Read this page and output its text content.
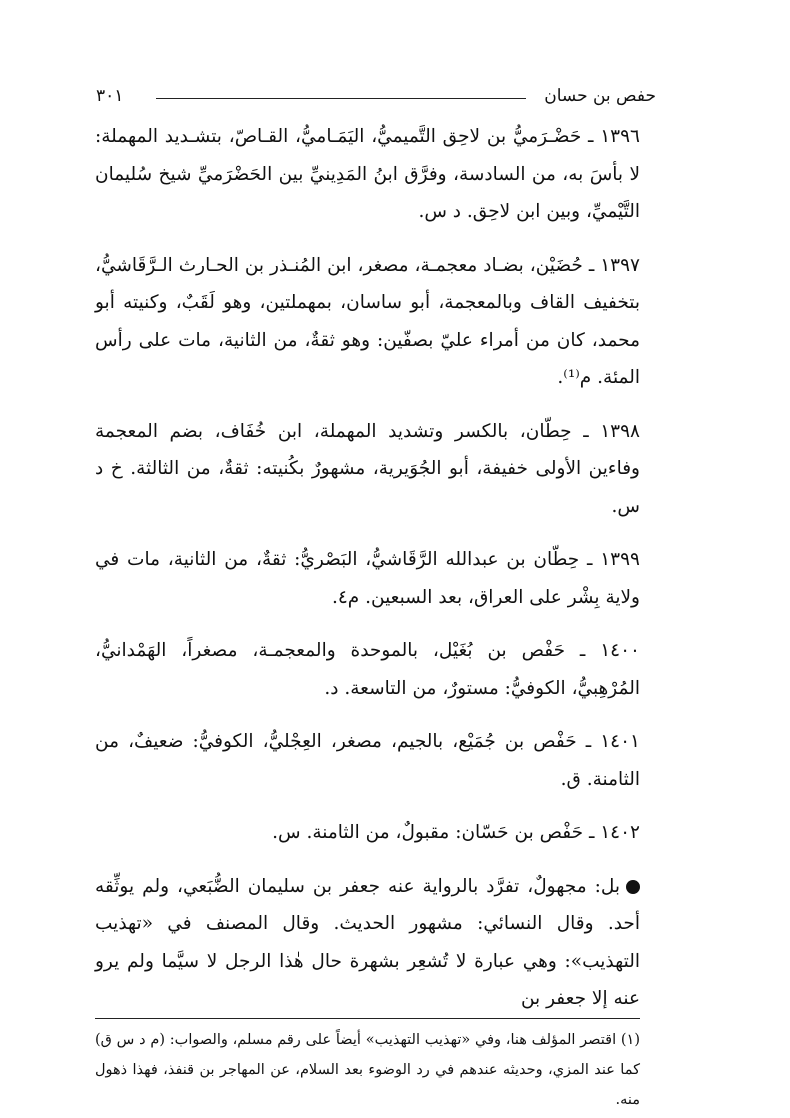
حفص بن حسان
٣٠١

١٣٩٦ ـ حَضْـرَميُّ بن لاحِق التَّميميُّ، اليَمَـاميُّ، القـاصّ، بتشـديد المهملة: لا بأسَ به، من السادسة، وفرَّق ابنُ المَدِينيِّ بين الحَضْرَميِّ شيخ سُليمان التَّيْميِّ، وبين ابن لاحِق. د س.

١٣٩٧ ـ حُضَيْن، بضـاد معجمـة، مصغر، ابن المُنـذر بن الحـارث الـرَّقَاشيُّ، بتخفيف القاف وبالمعجمة، أبو ساسان، بمهملتين، وهو لَقَبٌ، وكنيته أبو محمد، كان من أمراء عليّ بصفّين: وهو ثقةٌ، من الثانية، مات على رأس المئة. م⁽¹⁾.

١٣٩٨ ـ حِطّان، بالكسر وتشديد المهملة، ابن خُفَاف، بضم المعجمة وفاءين الأولى خفيفة، أبو الجُوَيرية، مشهورٌ بكُنيته: ثقةٌ، من الثالثة. خ د س.

١٣٩٩ ـ حِطّان بن عبدالله الرَّقَاشيُّ، البَصْريُّ: ثقةٌ، من الثانية، مات في ولاية بِشْر على العراق، بعد السبعين. م٤.

١٤٠٠ ـ حَفْص بن بُغَيْل، بالموحدة والمعجمـة، مصغراً، الهَمْدانيُّ، المُرْهِبيُّ، الكوفيُّ: مستورٌ، من التاسعة. د.

١٤٠١ ـ حَفْص بن جُمَيْع، بالجيم، مصغر، العِجْليُّ، الكوفيُّ: ضعيفٌ، من الثامنة. ق.

١٤٠٢ ـ حَفْص بن حَسّان: مقبولٌ، من الثامنة. س.

بل: مجهولٌ، تفرَّد بالرواية عنه جعفر بن سليمان الضُّبَعي، ولم يوثِّقه أحد. وقال النسائي: مشهور الحديث. وقال المصنف في «تهذيب التهذيب»: وهي عبارة لا تُشعِر بشهرة حال هٰذا الرجل لا سيَّما ولم يرو عنه إلا جعفر بن

(١) اقتصر المؤلف هنا، وفي «تهذيب التهذيب» أيضاً على رقم مسلم، والصواب: (م د س ق) كما عند المزي، وحديثه عندهم في رد الوضوء بعد السلام، عن المهاجر بن قنفذ، فهذا ذهول منه.
